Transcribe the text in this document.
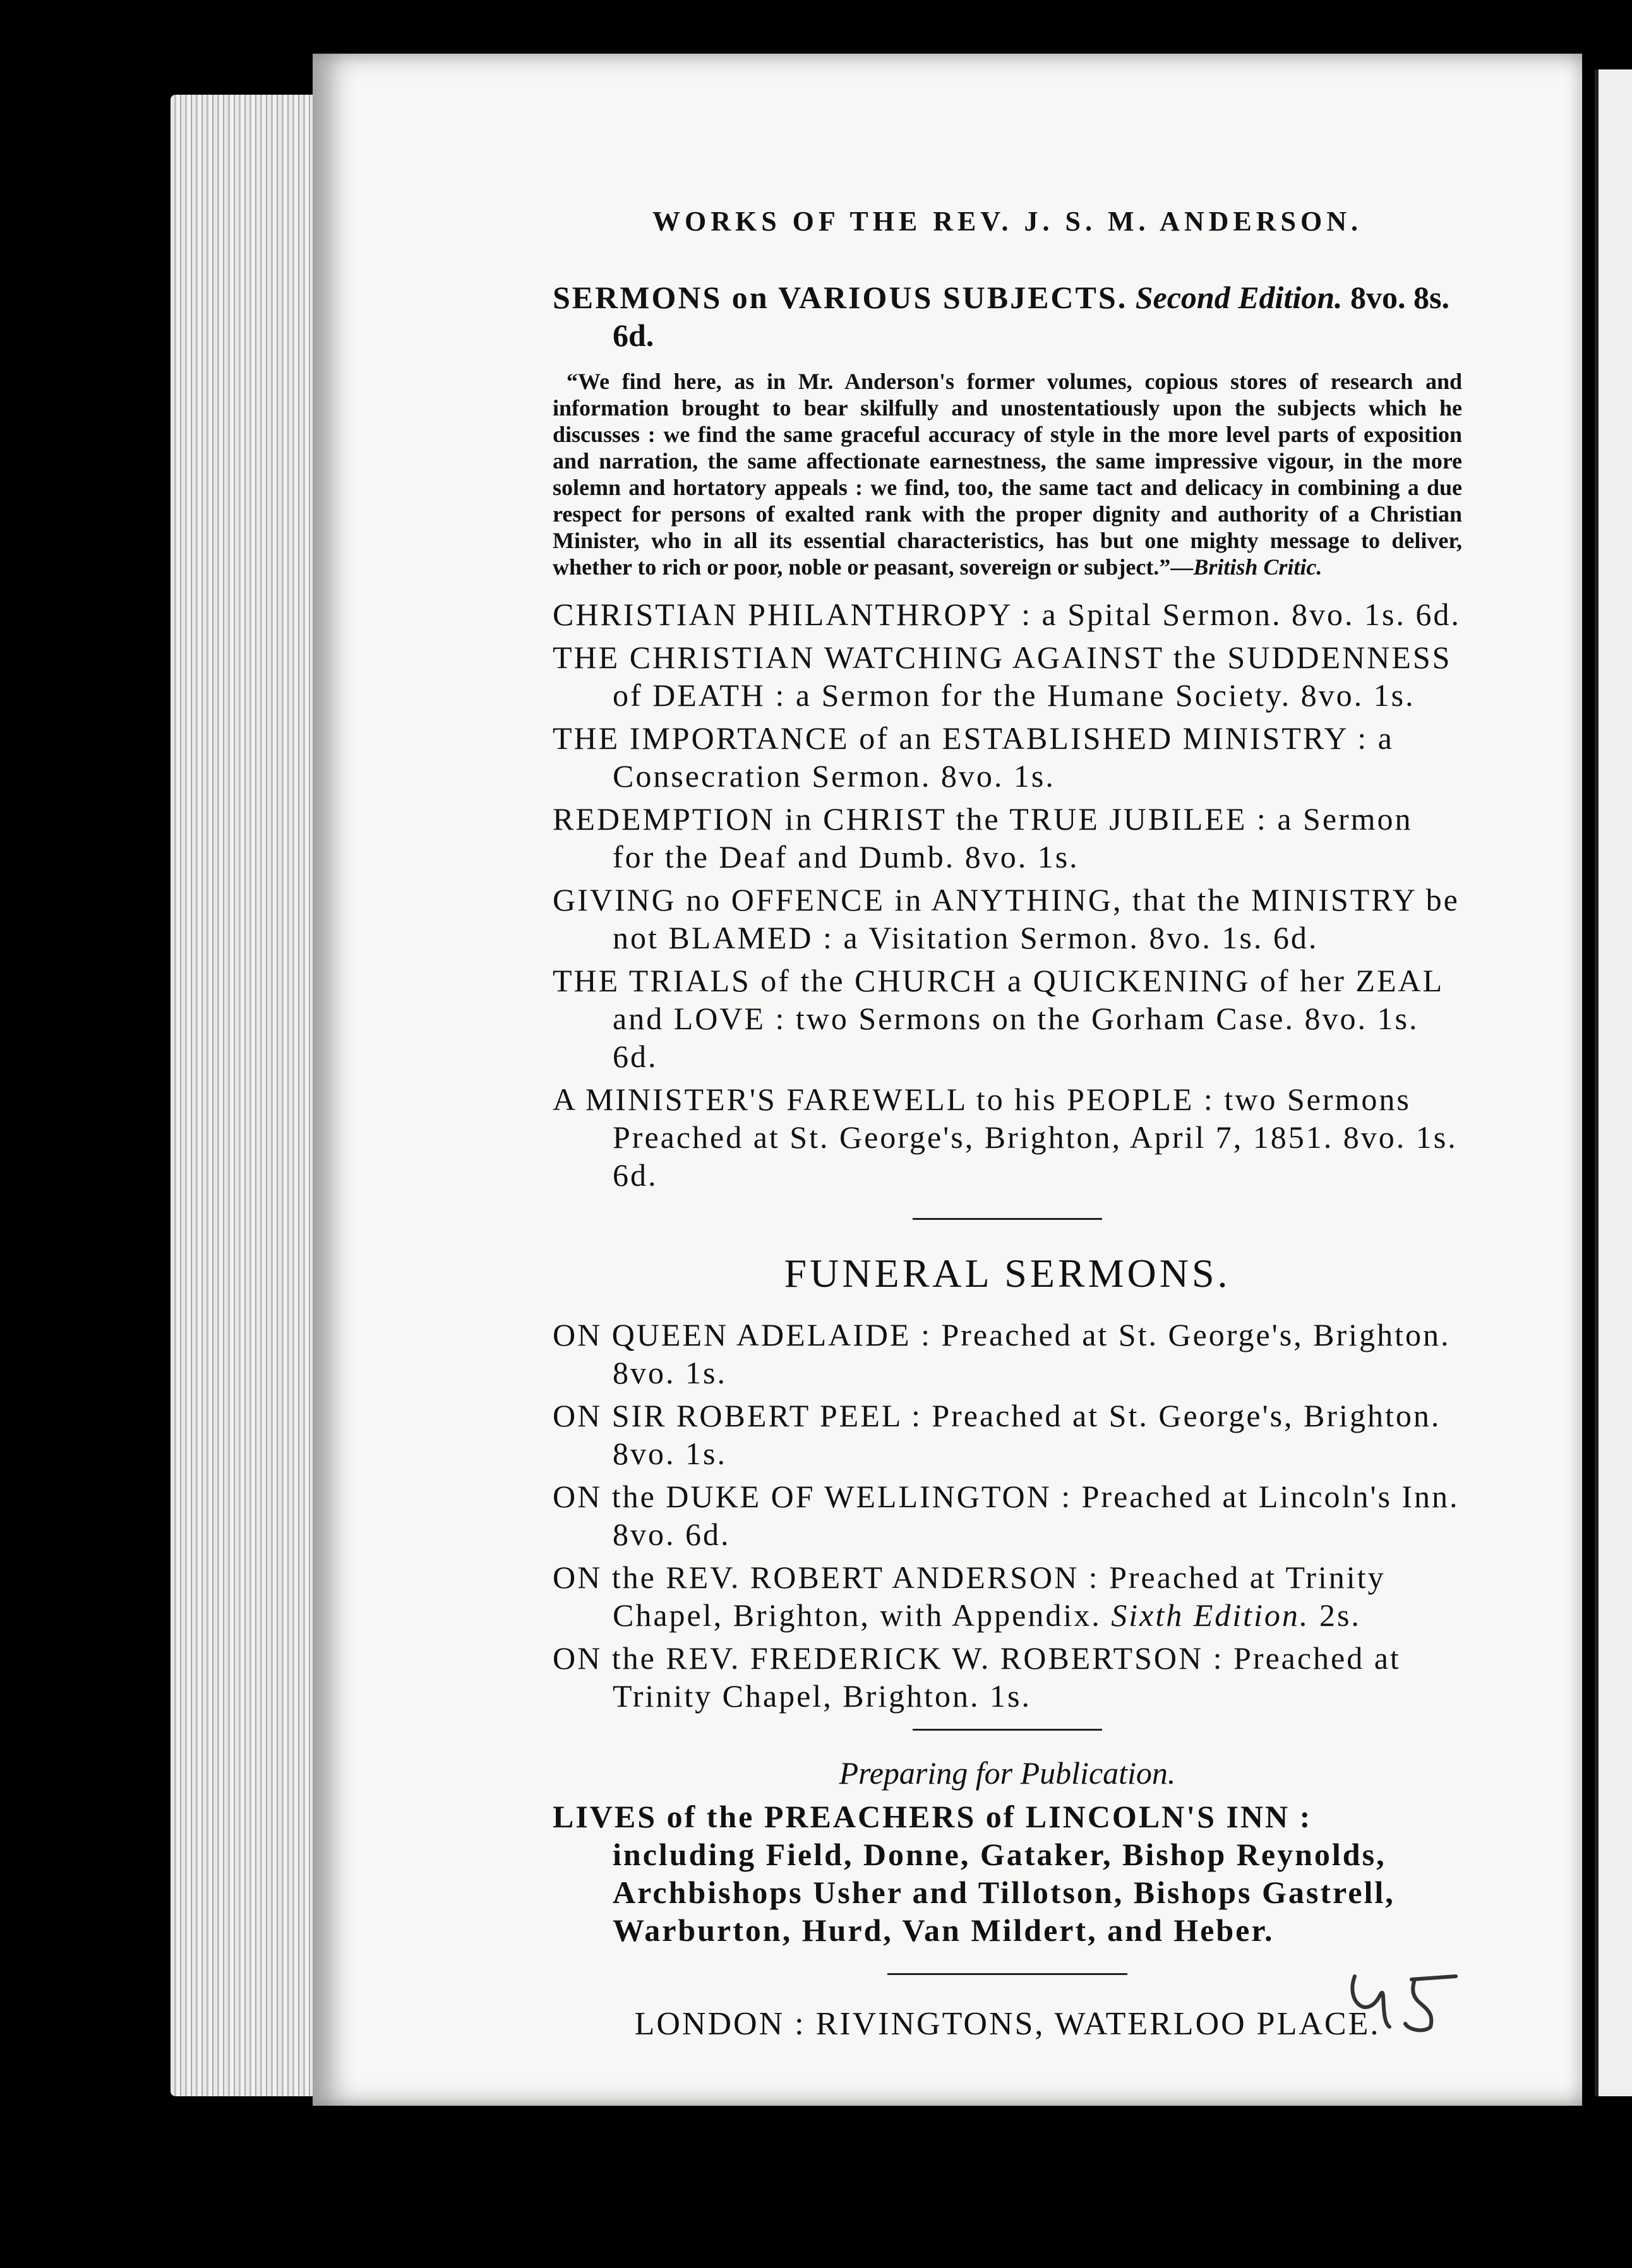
WORKS OF THE REV. J. S. M. ANDERSON.
SERMONS on VARIOUS SUBJECTS. Second Edition. 8vo. 8s. 6d.
“We find here, as in Mr. Anderson's former volumes, copious stores of research and information brought to bear skilfully and unostentatiously upon the subjects which he discusses : we find the same graceful accuracy of style in the more level parts of exposition and narration, the same affectionate earnestness, the same impressive vigour, in the more solemn and hortatory appeals : we find, too, the same tact and delicacy in combining a due respect for persons of exalted rank with the proper dignity and authority of a Christian Minister, who in all its essential characteristics, has but one mighty message to deliver, whether to rich or poor, noble or peasant, sovereign or subject.”—British Critic.
CHRISTIAN PHILANTHROPY : a Spital Sermon. 8vo. 1s. 6d.
THE CHRISTIAN WATCHING AGAINST the SUDDENNESS of DEATH : a Sermon for the Humane Society. 8vo. 1s.
THE IMPORTANCE of an ESTABLISHED MINISTRY : a Consecration Sermon. 8vo. 1s.
REDEMPTION in CHRIST the TRUE JUBILEE : a Sermon for the Deaf and Dumb. 8vo. 1s.
GIVING no OFFENCE in ANYTHING, that the MINISTRY be not BLAMED : a Visitation Sermon. 8vo. 1s. 6d.
THE TRIALS of the CHURCH a QUICKENING of her ZEAL and LOVE : two Sermons on the Gorham Case. 8vo. 1s. 6d.
A MINISTER'S FAREWELL to his PEOPLE : two Sermons Preached at St. George's, Brighton, April 7, 1851. 8vo. 1s. 6d.
FUNERAL SERMONS.
ON QUEEN ADELAIDE : Preached at St. George's, Brighton. 8vo. 1s.
ON SIR ROBERT PEEL : Preached at St. George's, Brighton. 8vo. 1s.
ON the DUKE OF WELLINGTON : Preached at Lincoln's Inn. 8vo. 6d.
ON the REV. ROBERT ANDERSON : Preached at Trinity Chapel, Brighton, with Appendix. Sixth Edition. 2s.
ON the REV. FREDERICK W. ROBERTSON : Preached at Trinity Chapel, Brighton. 1s.
Preparing for Publication.
LIVES of the PREACHERS of LINCOLN'S INN : including Field, Donne, Gataker, Bishop Reynolds, Archbishops Usher and Tillotson, Bishops Gastrell, Warburton, Hurd, Van Mildert, and Heber.
LONDON : RIVINGTONS, WATERLOO PLACE.
